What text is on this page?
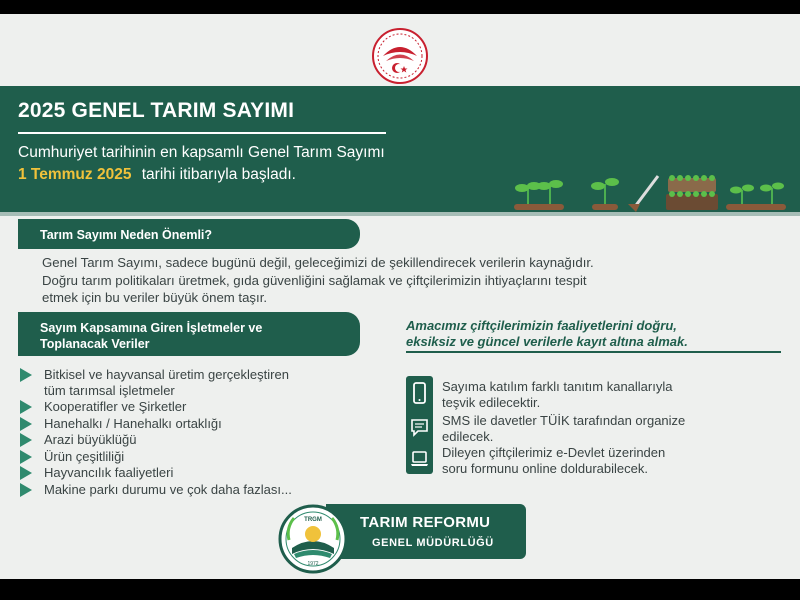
2025 GENEL TARIM SAYIMI
Cumhuriyet tarihinin en kapsamlı Genel Tarım Sayımı
1 Temmuz 2025 tarihi itibarıyla başladı.
Tarım Sayımı Neden Önemli?
Genel Tarım Sayımı, sadece bugünü değil, geleceğimizi de şekillendirecek verilerin kaynağıdır.
Doğru tarım politikaları üretmek, gıda güvenliğini sağlamak ve çiftçilerimizin ihtiyaçlarını tespit
etmek için bu veriler büyük önem taşır.
Sayım Kapsamına Giren İşletmeler ve
Toplanacak Veriler
Amacımız çiftçilerimizin faaliyetlerini doğru,
eksiksiz ve güncel verilerle kayıt altına almak.
Bitkisel ve hayvansal üretim gerçekleştiren
tüm tarımsal işletmeler
Kooperatifler ve Şirketler
Hanehalkı / Hanehalkı ortaklığı
Arazi büyüklüğü
Ürün çeşitliliği
Hayvancılık faaliyetleri
Makine parkı durumu ve çok daha fazlası...
Sayıma katılım farklı tanıtım kanallarıyla
teşvik edilecektir.
SMS ile davetler TÜİK tarafından organize
edilecek.
Dileyen çiftçilerimiz e-Devlet üzerinden
soru formunu online doldurabilecek.
TRGM
1972
TARIM REFORMU
GENEL MÜDÜRLÜĞÜ
